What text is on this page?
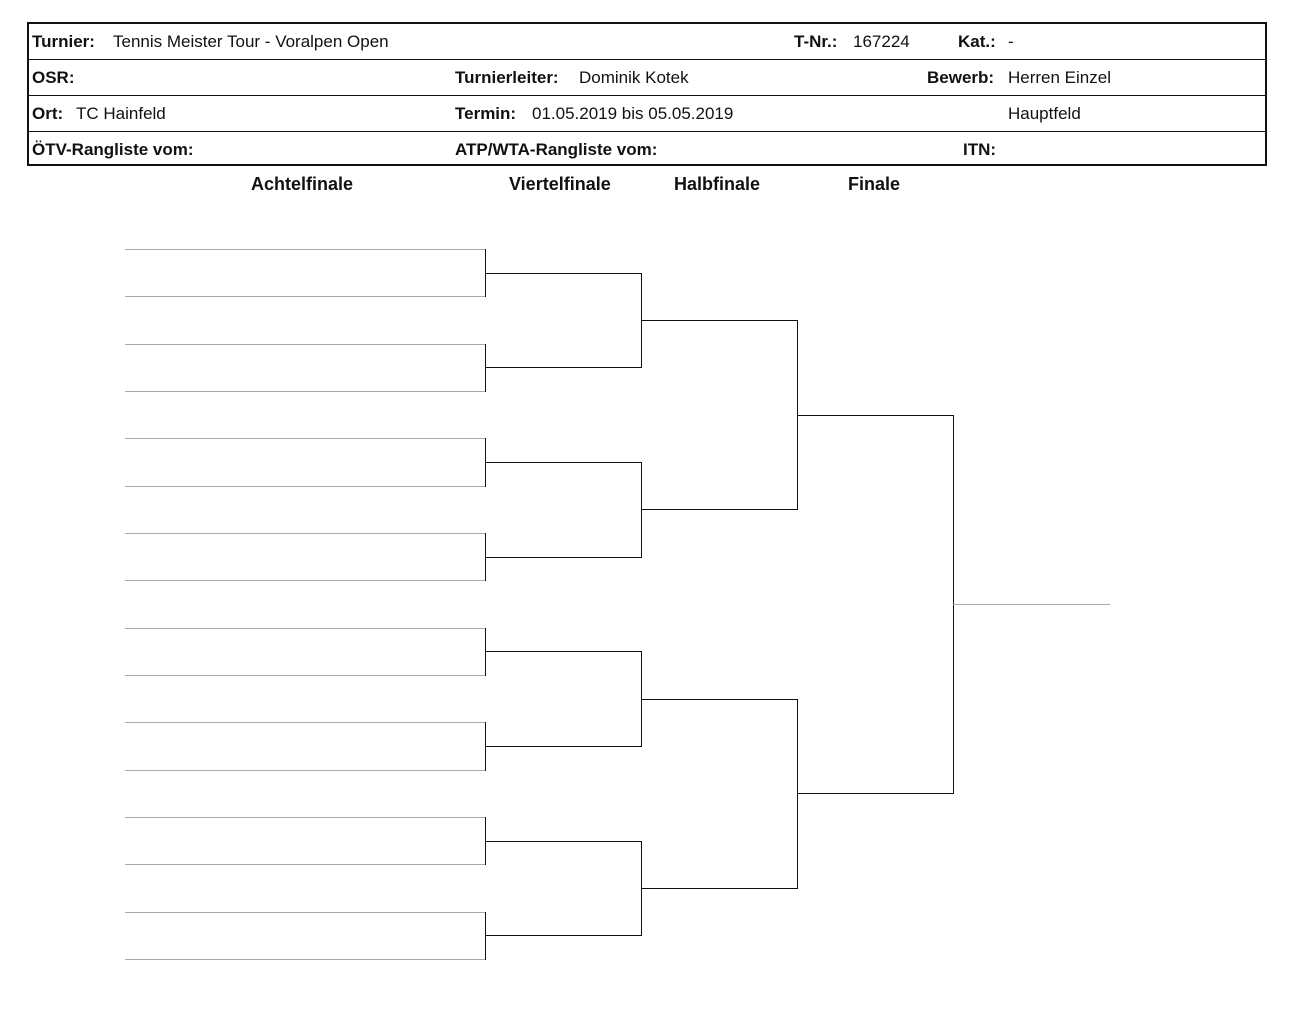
Turnier: Tennis Meister Tour - Voralpen Open	T-Nr.: 167224	Kat.: -
OSR:	Turnierleiter: Dominik Kotek	Bewerb: Herren Einzel
Ort: TC Hainfeld	Termin: 01.05.2019 bis 05.05.2019	Hauptfeld
ÖTV-Rangliste vom:	ATP/WTA-Rangliste vom:	ITN:
Achtelfinale	Viertelfinale	Halbfinale	Finale
